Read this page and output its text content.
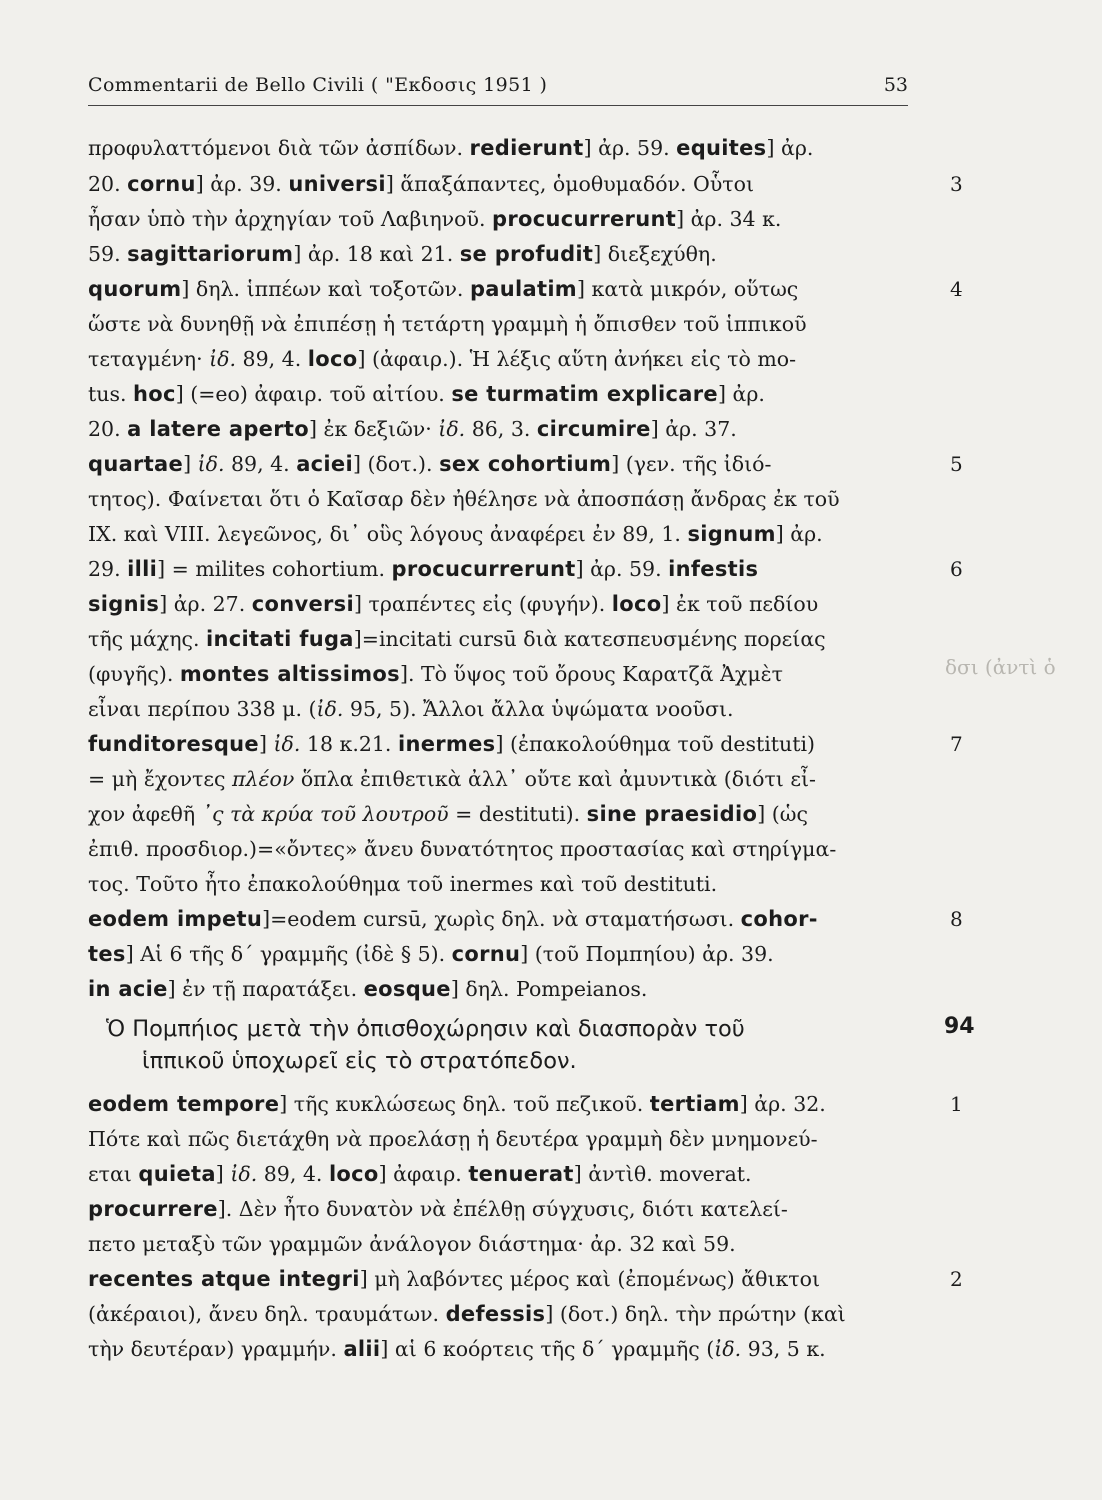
Commentarii de Bello Civili ( "Εκδοσις 1951 )	53
δσι (ἀντὶ ὁ
προφυλαττόμενοι διὰ τῶν ἀσπίδων. redierunt] ἀρ. 59. equites] ἀρ.
20. cornu] ἀρ. 39. universi] ἅπαξάπαντες, ὁμοθυμαδόν. Οὗτοι
ἦσαν ὑπὸ τὴν ἀρχηγίαν τοῦ Λαβιηνοῦ. procucurrerunt] ἀρ. 34 κ.
59. sagittariorum] ἀρ. 18 καὶ 21. se profudit] διεξεχύθη.
quorum] δηλ. ἱππέων καὶ τοξοτῶν. paulatim] κατὰ μικρόν, οὕτως
ὥστε νὰ δυνηθῇ νὰ ἐπιπέσῃ ἡ τετάρτη γραμμὴ ἡ ὄπισθεν τοῦ ἱππικοῦ
τεταγμένη· ἰδ. 89, 4. loco] (ἀφαιρ.). Ἡ λέξις αὕτη ἀνήκει εἰς τὸ mo-
tus. hoc] (=eo) ἀφαιρ. τοῦ αἰτίου. se turmatim explicare] ἀρ.
20. a latere aperto] ἐκ δεξιῶν· ἰδ. 86, 3. circumire] ἀρ. 37.
quartae] ἰδ. 89, 4. aciei] (δοτ.). sex cohortium] (γεν. τῆς ἰδιό-
τητος). Φαίνεται ὅτι ὁ Καῖσαρ δὲν ἠθέλησε νὰ ἀποσπάσῃ ἄνδρας ἐκ τοῦ
IX. καὶ VIII. λεγεῶνος, δι᾽ οὓς λόγους ἀναφέρει ἐν 89, 1. signum] ἀρ.
29. illi] = milites cohortium. procucurrerunt] ἀρ. 59. infestis
signis] ἀρ. 27. conversi] τραπέντες εἰς (φυγήν). loco] ἐκ τοῦ πεδίου
τῆς μάχης. incitati fuga]=incitati cursū διὰ κατεσπευσμένης πορείας
(φυγῆς). montes altissimos]. Τὸ ὕψος τοῦ ὄρους Καρατζᾶ Ἀχμὲτ
εἶναι περίπου 338 μ. (ἰδ. 95, 5). Ἄλλοι ἄλλα ὑψώματα νοοῦσι.
funditoresque] ἰδ. 18 κ.21. inermes] (ἐπακολούθημα τοῦ destituti)
= μὴ ἔχοντες πλέον ὅπλα ἐπιθετικὰ ἀλλ᾽ οὔτε καὶ ἀμυντικὰ (διότι εἶ-
χον ἀφεθῆ ᾽ς τὰ κρύα τοῦ λουτροῦ = destituti). sine praesidio] (ὡς
ἐπιθ. προσδιορ.)=«ὄντες» ἄνευ δυνατότητος προστασίας καὶ στηρίγμα-
τος. Τοῦτο ἦτο ἐπακολούθημα τοῦ inermes καὶ τοῦ destituti.
eodem impetu]=eodem cursū, χωρὶς δηλ. νὰ σταματήσωσι. cohor-
tes] Αἱ 6 τῆς δ΄ γραμμῆς (ἰδὲ § 5). cornu] (τοῦ Πομπηίου) ἀρ. 39.
in acie] ἐν τῇ παρατάξει. eosque] δηλ. Pompeianos.
Ὁ Πομπήιος μετὰ τὴν ὀπισθοχώρησιν καὶ διασπορὰν τοῦ
ἱππικοῦ ὑποχωρεῖ εἰς τὸ στρατόπεδον.
eodem tempore] τῆς κυκλώσεως δηλ. τοῦ πεζικοῦ. tertiam] ἀρ. 32.
Πότε καὶ πῶς διετάχθη νὰ προελάσῃ ἡ δευτέρα γραμμὴ δὲν μνημονεύ-
εται quieta] ἰδ. 89, 4. loco] ἀφαιρ. tenuerat] ἀντὶθ. moverat.
procurrere]. Δὲν ἦτο δυνατὸν νὰ ἐπέλθῃ σύγχυσις, διότι κατελεί-
πετο μεταξὺ τῶν γραμμῶν ἀνάλογον διάστημα· ἀρ. 32 καὶ 59.
recentes atque integri] μὴ λαβόντες μέρος καὶ (ἐπομένως) ἄθικτοι
(ἀκέραιοι), ἄνευ δηλ. τραυμάτων. defessis] (δοτ.) δηλ. τὴν πρώτην (καὶ
τὴν δευτέραν) γραμμήν. alii] αἱ 6 κοόρτεις τῆς δ΄ γραμμῆς (ἰδ. 93, 5 κ.
3
4
5
6
7
8
94
1
2
